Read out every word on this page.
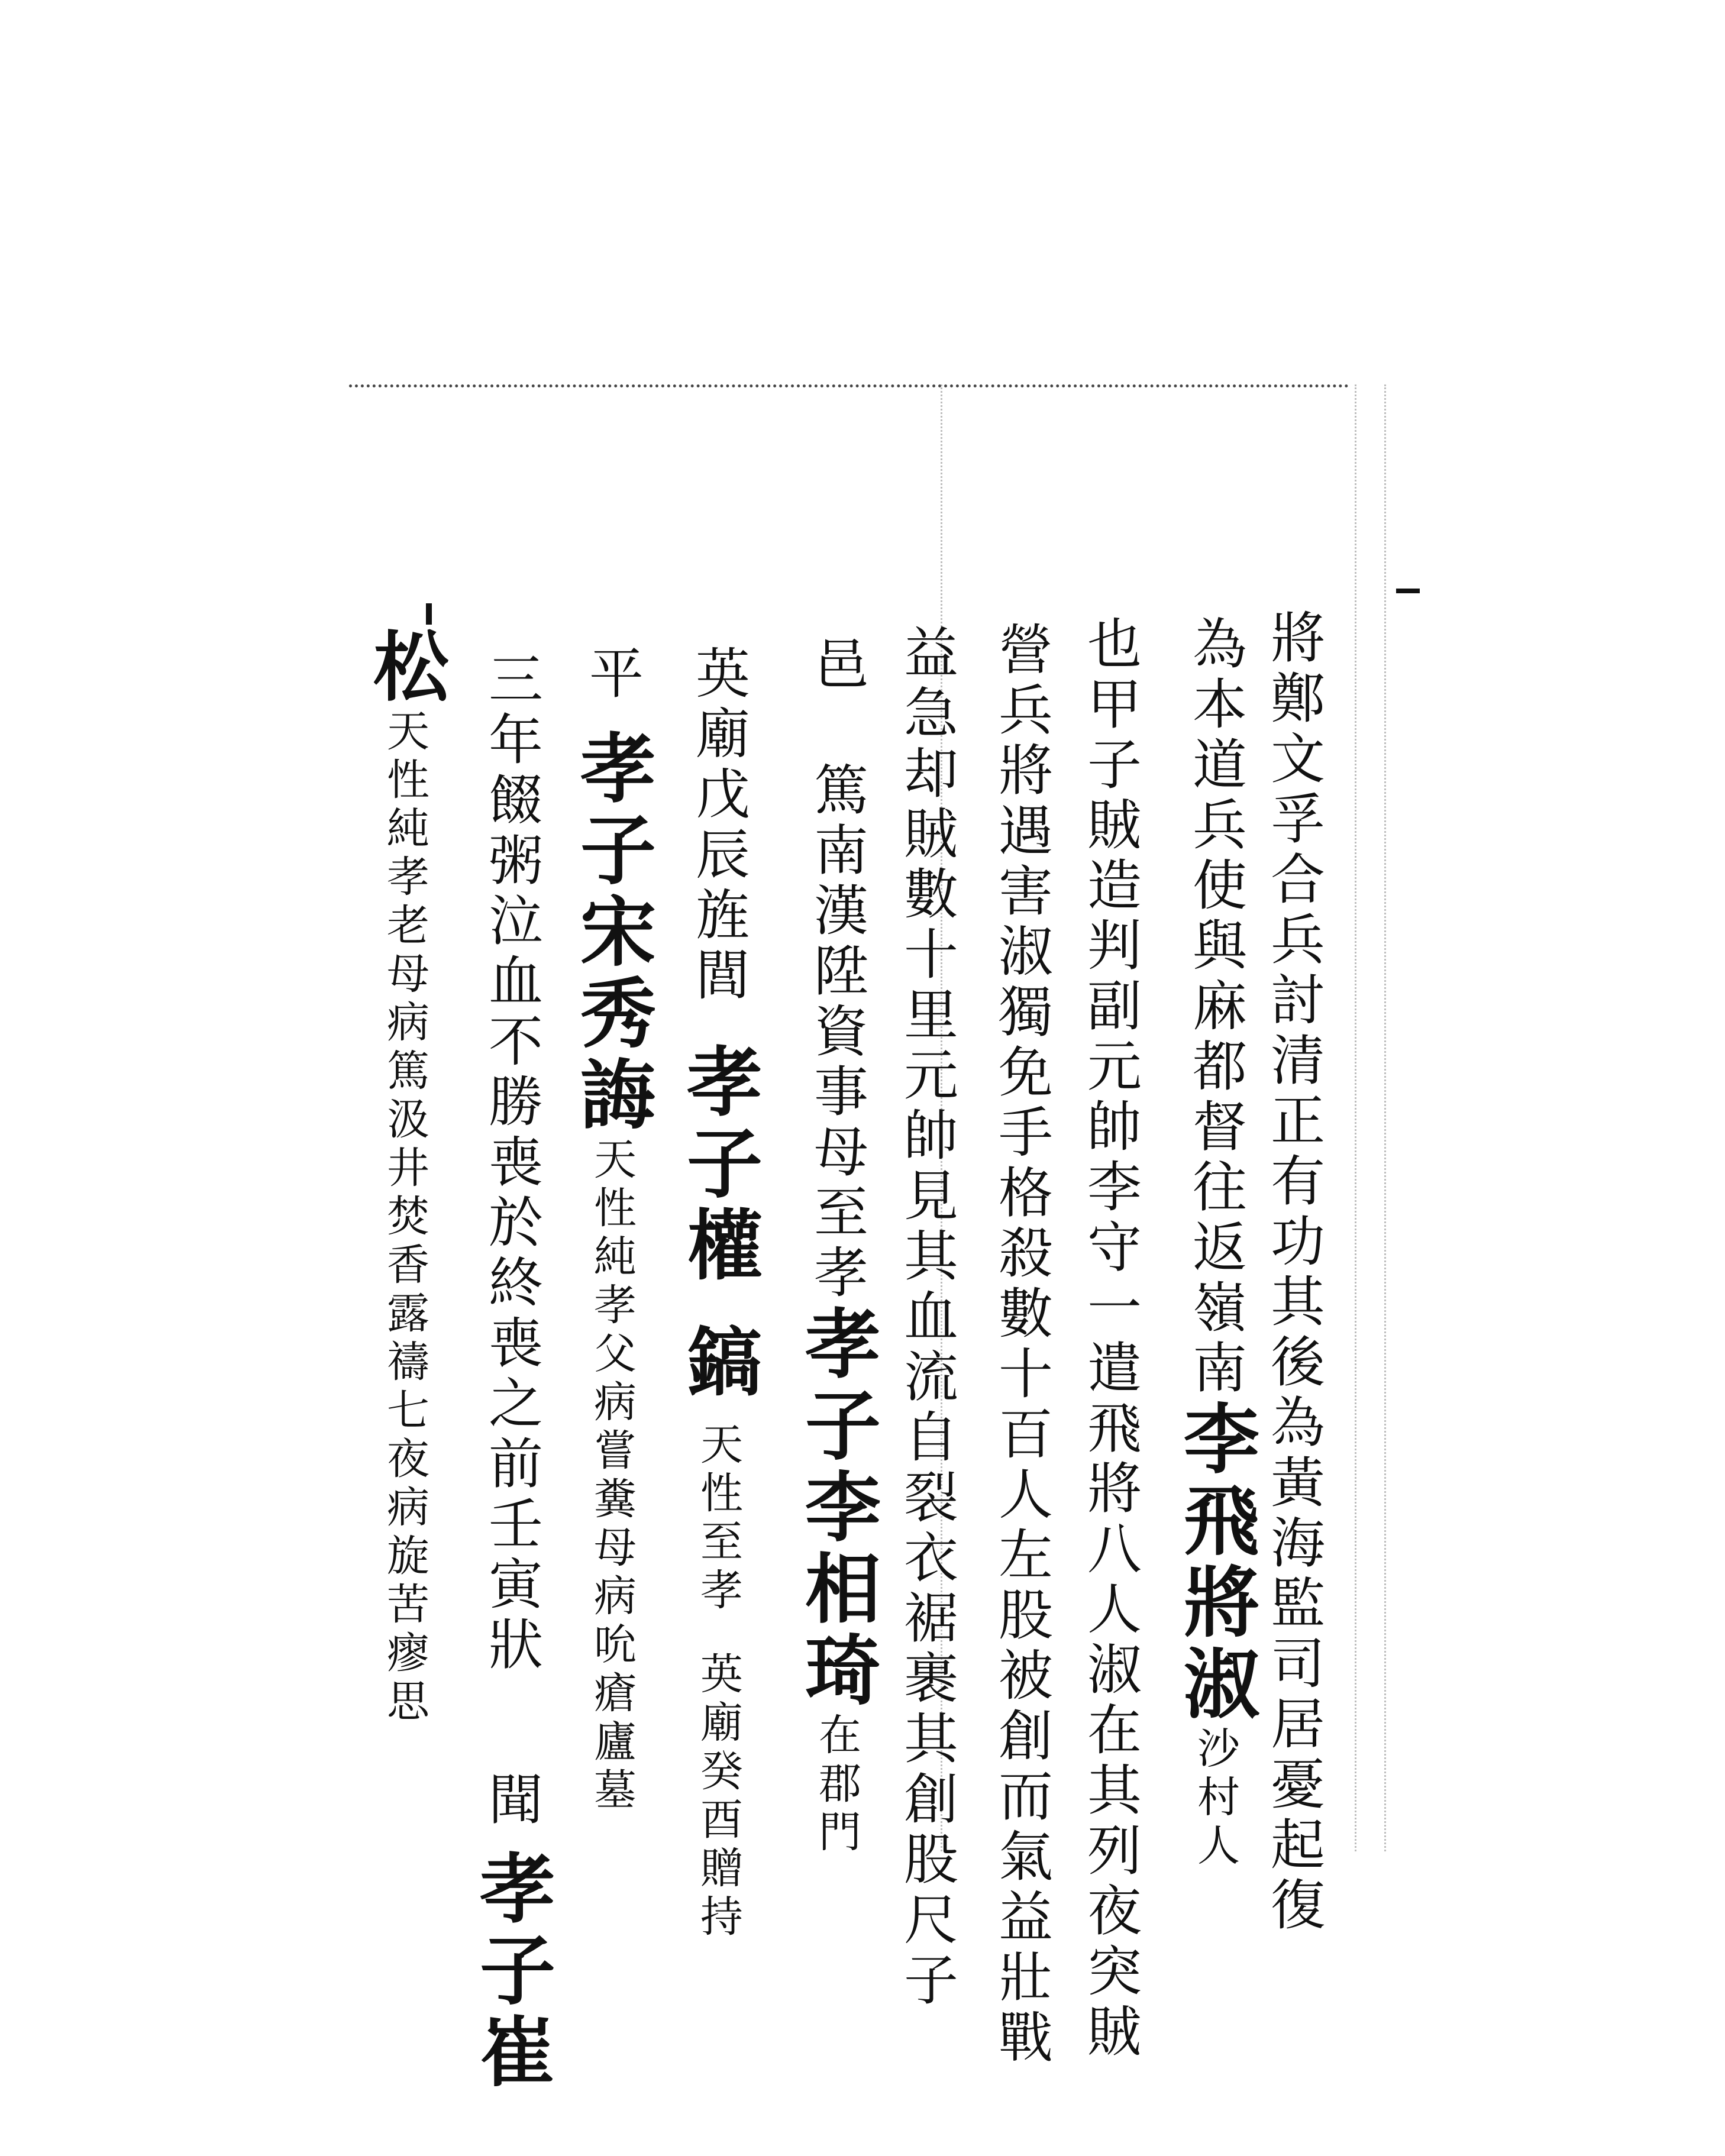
將鄭文孚合兵討清正有功其後為黃海監司居憂起復
為本道兵使與麻都督往返嶺南李飛將淑沙村人
也甲子賊造判副元帥李守一遣飛將八人淑在其列夜突賊
營兵將遇害淑獨免手格殺數十百人左股被創而氣益壯戰
益急却賊數十里元帥見其血流自裂衣裾裹其創股尺子
邑篤南漢陞資事母至孝孝子李相琦在郡門
英廟戊辰旌閭孝子權鎬天性至孝英廟癸酉贈持
平孝子宋秀誨天性純孝父病嘗糞母病吮瘡廬墓
三年餟粥泣血不勝喪於終喪之前壬寅狀聞孝子崔
松天性純孝老母病篤汲井焚香露禱七夜病旋苦瘳思
